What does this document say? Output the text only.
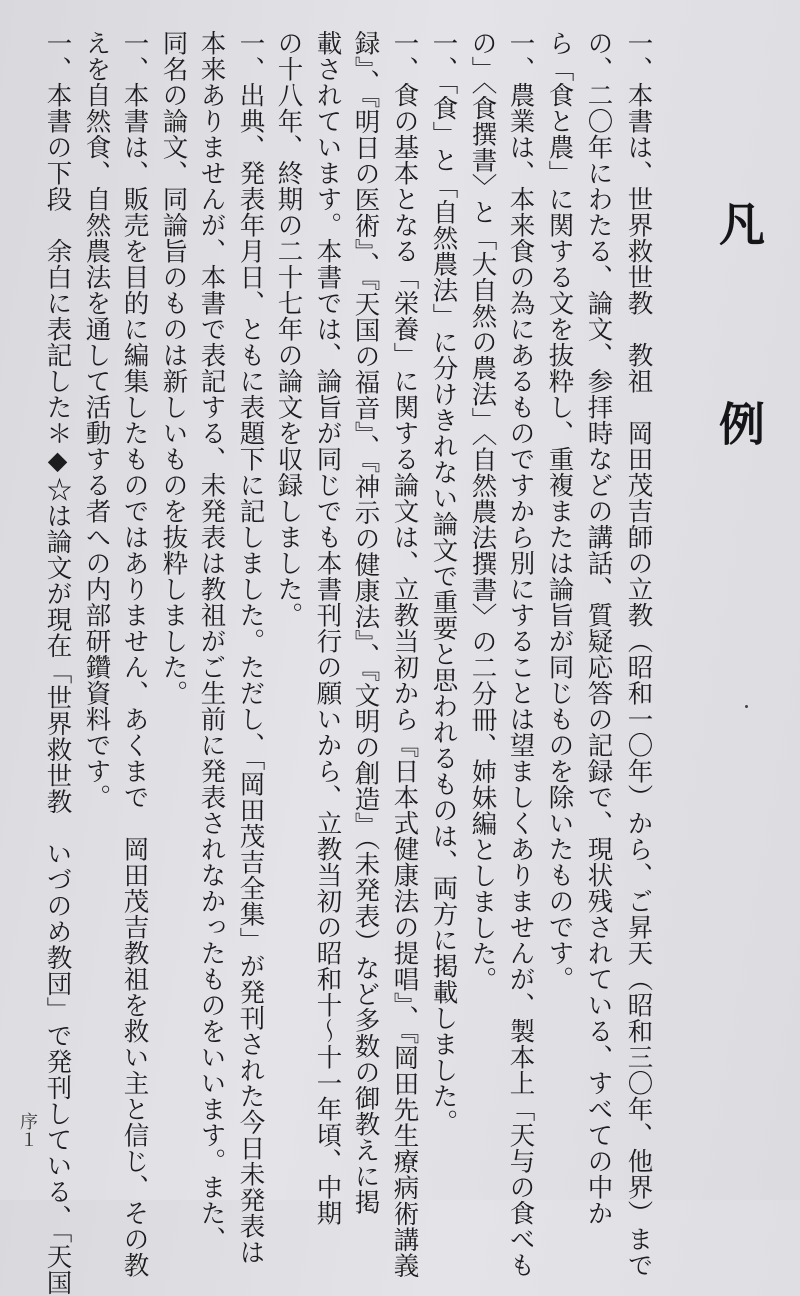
凡　例
一、本書は、世界救世教　教祖　岡田茂吉師の立教（昭和一〇年）から、ご昇天（昭和三〇年、他界）まで
の、二〇年にわたる、論文、参拝時などの講話、質疑応答の記録で、現状残されている、すべての中か
ら「食と農」に関する文を抜粋し、重複または論旨が同じものを除いたものです。
一、農業は、本来食の為にあるものですから別にすることは望ましくありませんが、製本上「天与の食べも
の」〈食撰書〉と「大自然の農法」〈自然農法撰書〉の二分冊、姉妹編としました。
一、「食」と「自然農法」に分けきれない論文で重要と思われるものは、両方に掲載しました。
一、食の基本となる「栄養」に関する論文は、立教当初から『日本式健康法の提唱』、『岡田先生療病術講義
録』、『明日の医術』、『天国の福音』、『神示の健康法』、『文明の創造』（未発表）など多数の御教えに掲
載されています。本書では、論旨が同じでも本書刊行の願いから、立教当初の昭和十〜十一年頃、中期
の十八年、終期の二十七年の論文を収録しました。
一、出典、発表年月日、ともに表題下に記しました。ただし、「岡田茂吉全集」が発刊された今日未発表は
本来ありませんが、本書で表記する、未発表は教祖がご生前に発表されなかったものをいいます。また、
同名の論文、同論旨のものは新しいものを抜粋しました。
一、本書は、販売を目的に編集したものではありません、あくまで　岡田茂吉教祖を救い主と信じ、その教
えを自然食、自然農法を通して活動する者への内部研鑽資料です。
一、本書の下段　余白に表記した＊◆☆は論文が現在「世界救世教　いづのめ教団」で発刊している、「天国
序１
